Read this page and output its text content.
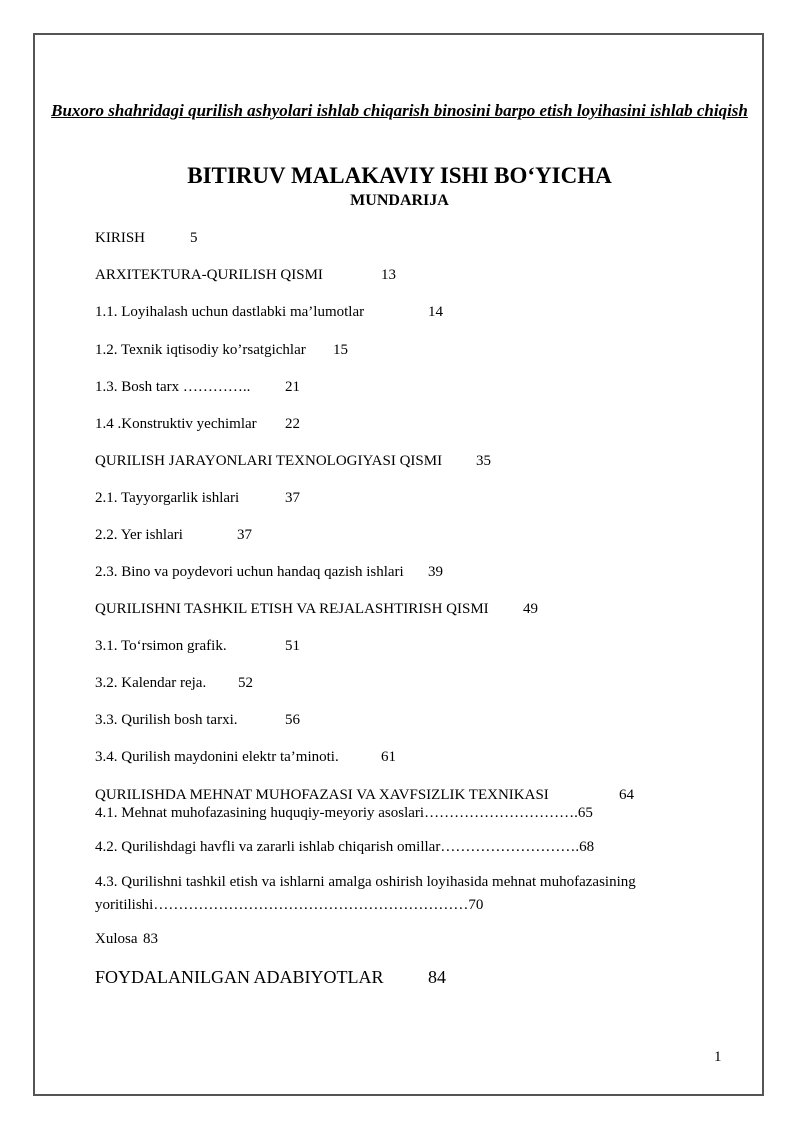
Buxoro shahridagi qurilish ashyolari ishlab chiqarish binosini barpo etish loyihasini ishlab chiqish
BITIRUV MALAKAVIY ISHI BO‘YICHA
MUNDARIJA
KIRISH	5
ARXITEKTURA-QURILISH QISMI	13
1.1. Loyihalash uchun dastlabki ma’lumotlar	14
1.2. Texnik iqtisodiy ko’rsatgichlar 15
1.3. Bosh tarx ………….. 21
1.4 .Konstruktiv yechimlar 22
QURILISH JARAYONLARI TEXNOLOGIYASI QISMI 35
2.1. Tayyorgarlik ishlari	37
2.2. Yer ishlari	37
2.3. Bino va poydevori uchun handaq qazish ishlari 39
QURILISHNI TASHKIL ETISH VA REJALASHTIRISH QISMI 49
3.1. To‘rsimon grafik.	51
3.2. Kalendar reja. 52
3.3. Qurilish bosh tarxi.	56
3.4. Qurilish maydonini elektr ta’minoti.	61
QURILISHDA MEHNAT MUHOFAZASI VA XAVFSIZLIK TEXNIKASI	64
4.1. Mehnat muhofazasining huquqiy-meyoriy asoslari………………………….65
4.2. Qurilishdagi havfli va zararli ishlab chiqarish omillar……………………….68
4.3. Qurilishni tashkil etish va ishlarni amalga oshirish loyihasida mehnat muhofazasining yoritilishi………………………………………………………70
Xulosa 83
FOYDALANILGAN ADABIYOTLAR 84
1
